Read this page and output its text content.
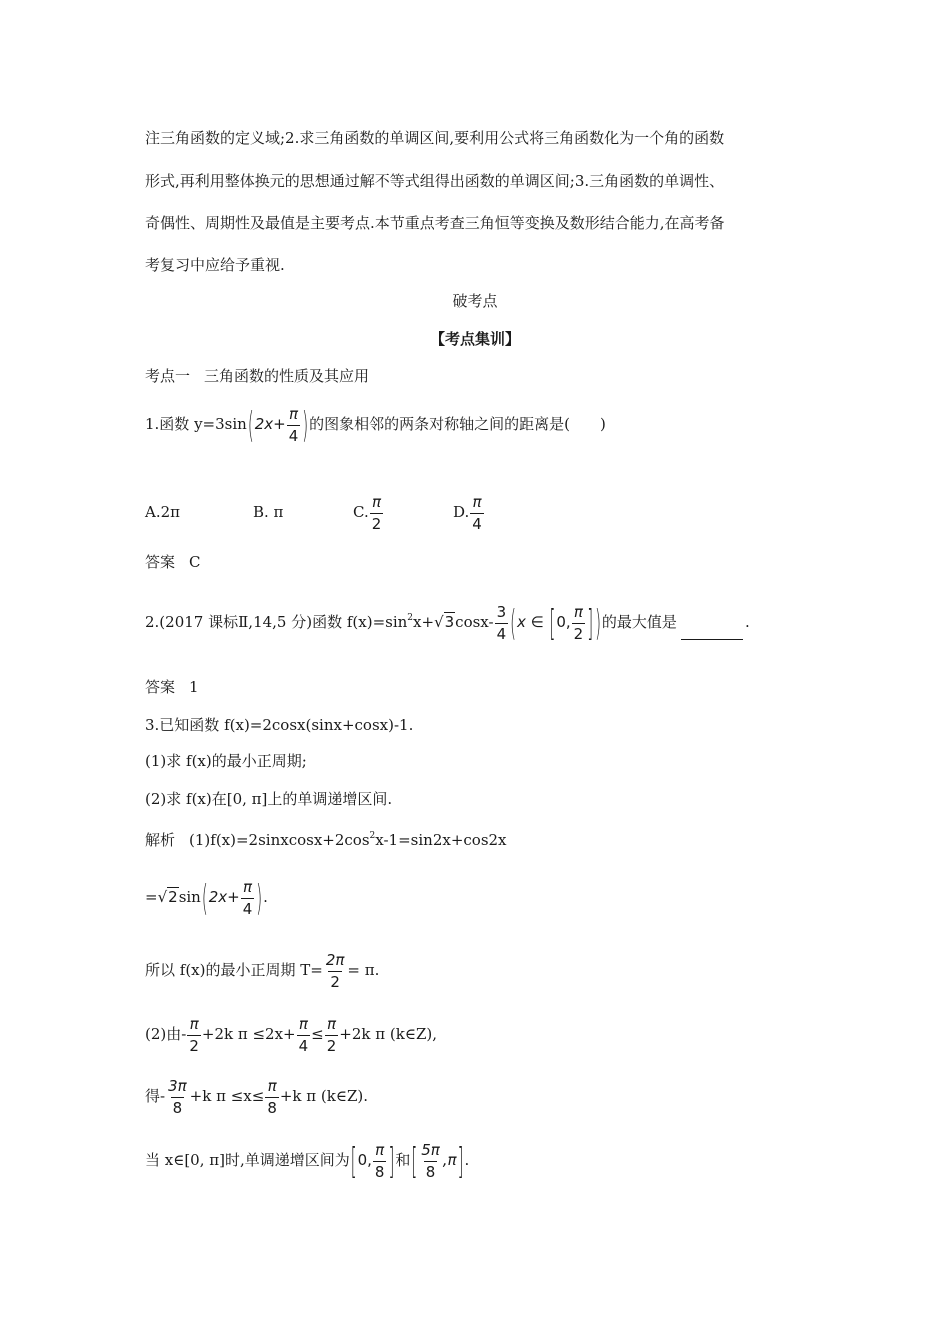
注三角函数的定义域;2.求三角函数的单调区间,要利用公式将三角函数化为一个角的函数
形式,再利用整体换元的思想通过解不等式组得出函数的单调区间;3.三角函数的单调性、
奇偶性、周期性及最值是主要考点.本节重点考查三角恒等变换及数形结合能力,在高考备
考复习中应给予重视.
破考点
【考点集训】
考点一 三角函数的性质及其应用
1.函数 $y=3\sin(2x+ \frac{\pi}{4}$ )的图象相邻的两条对称轴之间的距离是(　　)
A.2π	B. π	C. $\frac{\pi}{2}$	D. $\frac{\pi}{4}$
答案 C
2.(2017 课标Ⅱ,14,5 分)函数 $f(x)=\sin^2x+√3\cos x- \frac{3}{4} (x$ ∈ [0, $\frac{\pi}{2}$ ] )的最大值是	.
答案 1
3.已知函数 f(x)=2cosx(sinx+cosx)-1.
(1)求 f(x)的最小正周期;
(2)求 f(x)在[0, π]上的单调递增区间.
解析 $(1)f(x)=2sinxcosx+2\cos^2x-1=\sin 2x+\cos 2x$
$=√2\sin(2x+ \frac{\pi}{4}$ ).
所以 f(x)的最小正周期 $T= \frac{2\pi}{2} = \pi$.
(2)由- $\frac{\pi}{2} +2k$ $\pi \le 2x+ \frac{\pi}{4} \le \frac{\pi}{2} +2k$ π (k∈Z),
得- $\frac{3\pi}{8} +k$ $\pi \le x\le \frac{\pi}{8} +k$ π (k∈Z).
当 x∈[0, π]时,单调递增区间为[0, $\frac{\pi}{8}$ ]和[ $\frac{5\pi}{8} ,\pi$].
